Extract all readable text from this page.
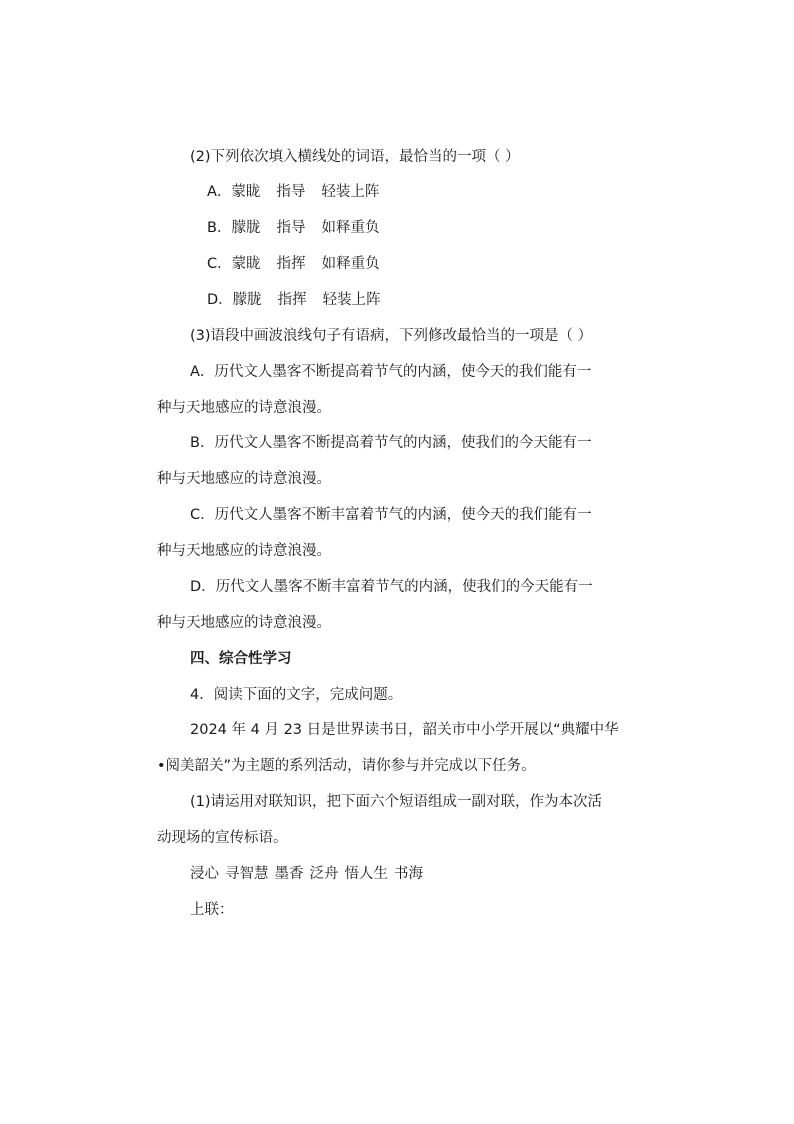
(2)下列依次填入横线处的词语，最恰当的一项（ ）
A．蒙眬 指导 轻装上阵
B．朦胧 指导 如释重负
C．蒙眬 指挥 如释重负
D．朦胧 指挥 轻装上阵
(3)语段中画波浪线句子有语病，下列修改最恰当的一项是（ ）
A．历代文人墨客不断提高着节气的内涵，使今天的我们能有一
种与天地感应的诗意浪漫。
B．历代文人墨客不断提高着节气的内涵，使我们的今天能有一
种与天地感应的诗意浪漫。
C．历代文人墨客不断丰富着节气的内涵，使今天的我们能有一
种与天地感应的诗意浪漫。
D．历代文人墨客不断丰富着节气的内涵，使我们的今天能有一
种与天地感应的诗意浪漫。
四、综合性学习
4．阅读下面的文字，完成问题。
2024 年 4 月 23 日是世界读书日，韶关市中小学开展以“典耀中华
•阅美韶关”为主题的系列活动，请你参与并完成以下任务。
(1)请运用对联知识，把下面六个短语组成一副对联，作为本次活
动现场的宣传标语。
浸心 寻智慧 墨香 泛舟 悟人生 书海
上联：
